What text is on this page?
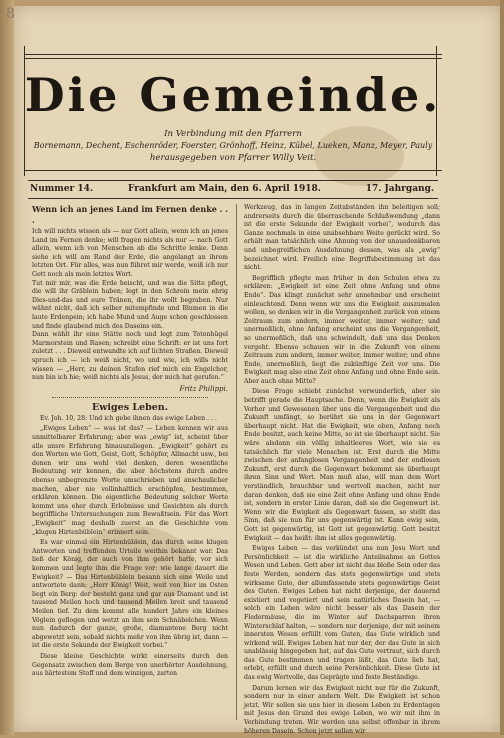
8
Die Gemeinde.
In Verbindung mit den Pfarrern
Bornemann, Dechent, Eschenröder, Foerster, Grönhoff, Heinz, Kübel, Lueken, Manz, Meyer, Pauly
herausgegeben von Pfarrer Willy Veit.
Nummer 14.	Frankfurt am Main, den 6. April 1918.	17. Jahrgang.

Wenn ich an jenes Land im Fernen denke . . .

Ich will nichts wissen als — nur Gott allein, wenn ich an jenes Land im Fernen denke; will fragen nichts als nur — nach Gott allein, wenn ich von Menschen ab die Schritte lenke. Denn siehe ich will am Rand der Erde, die angelangt an ihrem letzten Ort. Für alles, was nun führet mir werde, weiß ich nur Gott noch als mein letztes Wort.

Tut mir mir, was die Erde heischt, und was die Sitte pflegt, die will ihr Gräblein haben; legt in den Schrein mein ehrig Dies-und-das und eure Tränen, die ihr wollt begraben. Nur wähnt nicht, daß ich selber mitempfinde und Blumen in die laute Erdenpein; ich habe Mund und Auge schon geschlossen und finde glaubend mich des Daseins ein.

Dann wählt ihr eine Stätte noch und legt zum Totenhügel Marmorstein und Rasen; schreibt eine Schrift: er ist uns fort zuletzt . . . Dieweil entwandte ich auf lichten Straßen. Dieweil spruch ich — ich weiß nicht, wo und wie, ich wills nicht wissen — „Herr, zu deinen Stufen rief mich ein Engelchor, nun bin ich hie; weiß nichts als Jesus, der mich hat gerufen.“

Fritz Philippi.

Ewiges Leben.

Ev. Joh. 10, 28: Und ich gebe ihnen das ewige Leben . . .

„Ewiges Leben“ — was ist das? — Leben kennen wir aus unmittelbarer Erfahrung; aber was „ewig“ ist, scheint über alle unsre Erfahrung hinauszuliegen. „Ewigkeit“ gehört zu den Worten wie Gott, Geist, Gott, Schöpfer, Allmacht usw., bei denen wir uns wohl viel denken, deren wesentliche Bedeutung wir kennen, die aber höchstens durch andre ebenso unbegrenzte Worte umschrieben und anschaulicher machen, aber nie vollinhaltlich erschöpfen, bestimmen, erklären können. Die eigentliche Bedeutung solcher Worte kommt uns eher durch Erlebnisse und Gesichten als durch begriffliche Untersuchungen zum Bewußtsein. Für das Wort „Ewigkeit“ mag deshalb zuerst an die Geschichte vom „klugen Hirtenbüblein“ erinnert sein.

Es war einmal ein Hirtenbüblein, das durch seine klugen Antworten und treffenden Urteile weithin bekannt war. Das ließ der König, der auch von ihm gehört hatte, vor sich kommen und legte ihm die Frage vor: wie lange dauert die Ewigkeit? — Das Hirtenbüblein besann sich eine Weile und antwortete dann: „Herr König! Weit, weit von hier im Osten liegt ein Berg: der besteht ganz und gar aus Diamant und ist tausend Meilen hoch und tausend Meilen breit und tausend Meilen tief. Zu dem kommt alle hundert Jahre ein kleines Vöglein geflogen und wetzt an ihm sein Schnäbelchen. Wenn nun dadurch der ganze, große, diamantene Berg nicht abgewetzt sein, sobald nichts mehr von ihm übrig ist, dann — ist die erste Sekunde der Ewigkeit vorbei.“

Diese kleine Geschichte wirkt einerseits durch den Gegensatz zwischen dem Berge von unerhörter Ausdehnung, aus härtestem Stoff und dem winzigen, zarten

Werkzeug, das in langen Zeitabständen ihn beleitigen soll; andrerseits durch die überraschende Schlußwendung „dann ist die erste Sekunde der Ewigkeit vorbei“, wodurch das Ganze nochmals in eine unabsehbare Weite gerückt wird. So erhält man tatsächlich eine Ahnung von der unausdenkbaren und unbegreiflichen Ausdehnung dessen, was als „ewig“ bezeichnet wird. Freilich eine Begriffsbestimmung ist das nicht.

Begrifflich pflegte man früher in den Schulen etwa zu erklären: „Ewigkeit ist eine Zeit ohne Anfang und ohne Ende“. Das klingt zunächst sehr annehmbar und erscheint einleuchtend. Denn wenn wir uns die Ewigkeit auszumalen wollen, so denken wir in die Vergangenheit zurück von einem Zeitraum zum andern, immer weiter, immer weiter; und unermeßlich, ohne Anfang erscheint uns die Vergangenheit, so unermeßlich, daß uns schwindelt, daß uns das Denken vergeht. Ebenso schauen wir in die Zukunft von einem Zeitraum zum andern, immer weiter, immer weiter; und ohne Ende, unermeßlich, liegt die zukünftige Zeit vor uns. Die Ewigkeit mag also eine Zeit ohne Anfang und ohne Ende sein. Aber auch ohne Mitte?

Diese Frage schiebt zunächst verwunderlich, aber sie betrifft gerade die Hauptsache. Denn, wenn die Ewigkeit als Vorher und Gewesenen über uns die Vergangenheit und die Zukunft umfängt, so berührt sie uns in der Gegenwart überhaupt nicht. Hat die Ewigkeit, wie oben, Anfang noch Ende besitzt, auch keine Mitte, so ist sie überhaupt nicht. Sie wäre alsdann ein völlig inhaltleeres Wort, wie sie es tatsächlich für viele Menschen ist. Erst durch die Mitte zwischen der anfanglosen Vergangenheit und der endlosen Zukunft, erst durch die Gegenwart bekommt sie überhaupt ihren Sinn und Wert. Man muß also, will man dem Wort verständlich, brauchbar und wertvoll machen, nicht nur daran denken, daß sie eine Zeit ohne Anfang und ohne Ende ist, sondern in erster Linie daran, daß sie die Gegenwart ist. Wenn wir die Ewigkeit als Gegenwart fassen, so stellt das Sinn, daß sie nun für uns gegenwärtig ist. Kann ewig sein, Gott ist gegenwärtig, ist Gott ist gegenwärtig. Gott besitzt Ewigkeit — das heißt: ihm ist alles gegenwärtig.

Ewiges Leben — das verkündet uns nun Jesu Wort und Persönlichkeit — ist die wirkliche Anteilnahme an Gottes Wesen und Leben. Gott aber ist nicht das bloße Sein oder das feste Werden, sondern das stets gegenwärtige und stets wirksame Gute, der allumfassende stets gegenwärtige Geist des Guten. Ewiges Leben hat nicht derjenige, der dauernd existiert und vegetiert und sein natürliches Dasein hat, — solch ein Leben wäre nicht besser als das Dasein der Fledermäuse, die im Winter auf Dachsparren ihren Winterschlaf halten, — sondern nur derjenige, der mit seinem innersten Wesen erfüllt vom Guten, das Gute wirklich und wirkend will. Ewiges Leben hat nur der, der das Gute in sich unablässig hingegeben hat, auf das Gute vertraut, sich durch das Gute bestimmen und tragen läßt, das Gute lieb hat, erlebt, erfüllt und durch seine Persönlichkeit. Diese Gute ist das ewig Wertvolle, das Geprägte und feste Beständige.

Darum lernen wir das Ewigkeit nicht nur für die Zukunft, sondern nur in einer andern Welt. Die Ewigkeit ist schon jetzt. Wir sollen sie uns hier in diesem Leben zu Erdentagen mit Jesus den Grund des ewige Leben, wo wir mit ihm in Verbindung treten. Wir werden uns selbst offenbar in ihrem höheren Dasein. Schon jetzt sollen wir
